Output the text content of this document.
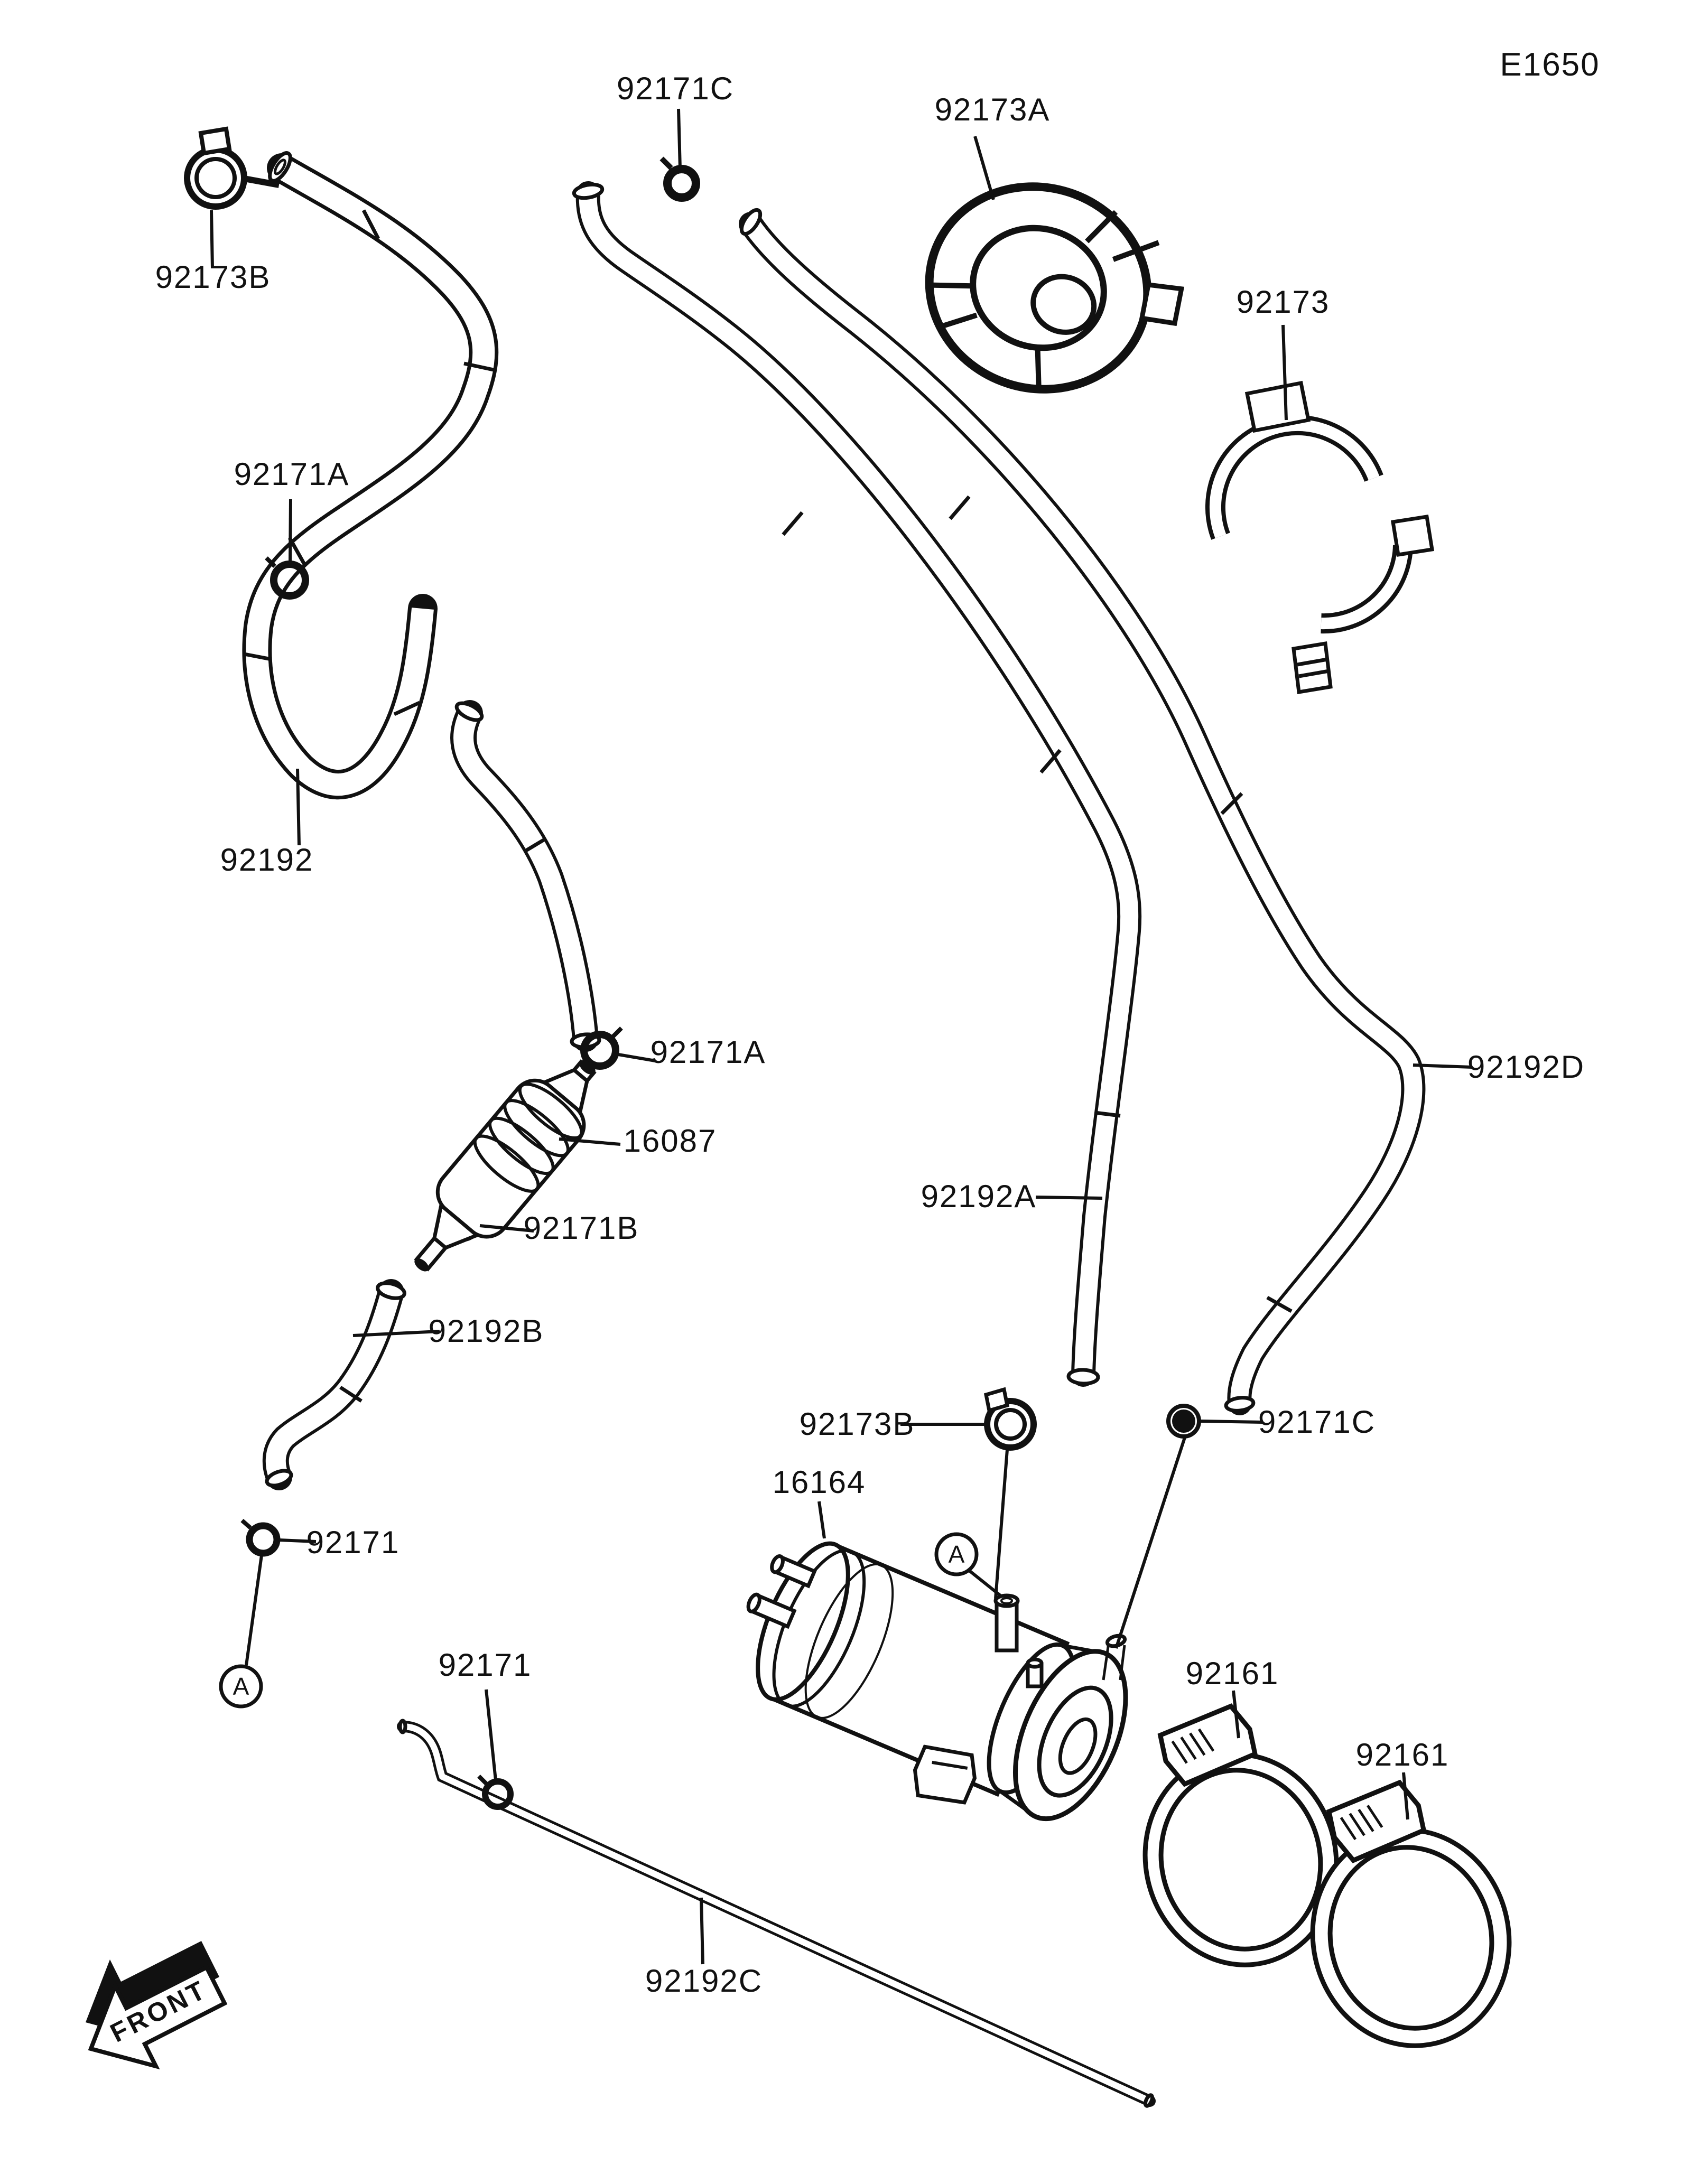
A
A
FRONT
E1650
92171C
92173A
92173B
92173
92171A
92192
92171A
16087
92171B
92192B
92192A
92192D
92173B	92171C
16164
92171
92171	92161
92161
92192C
